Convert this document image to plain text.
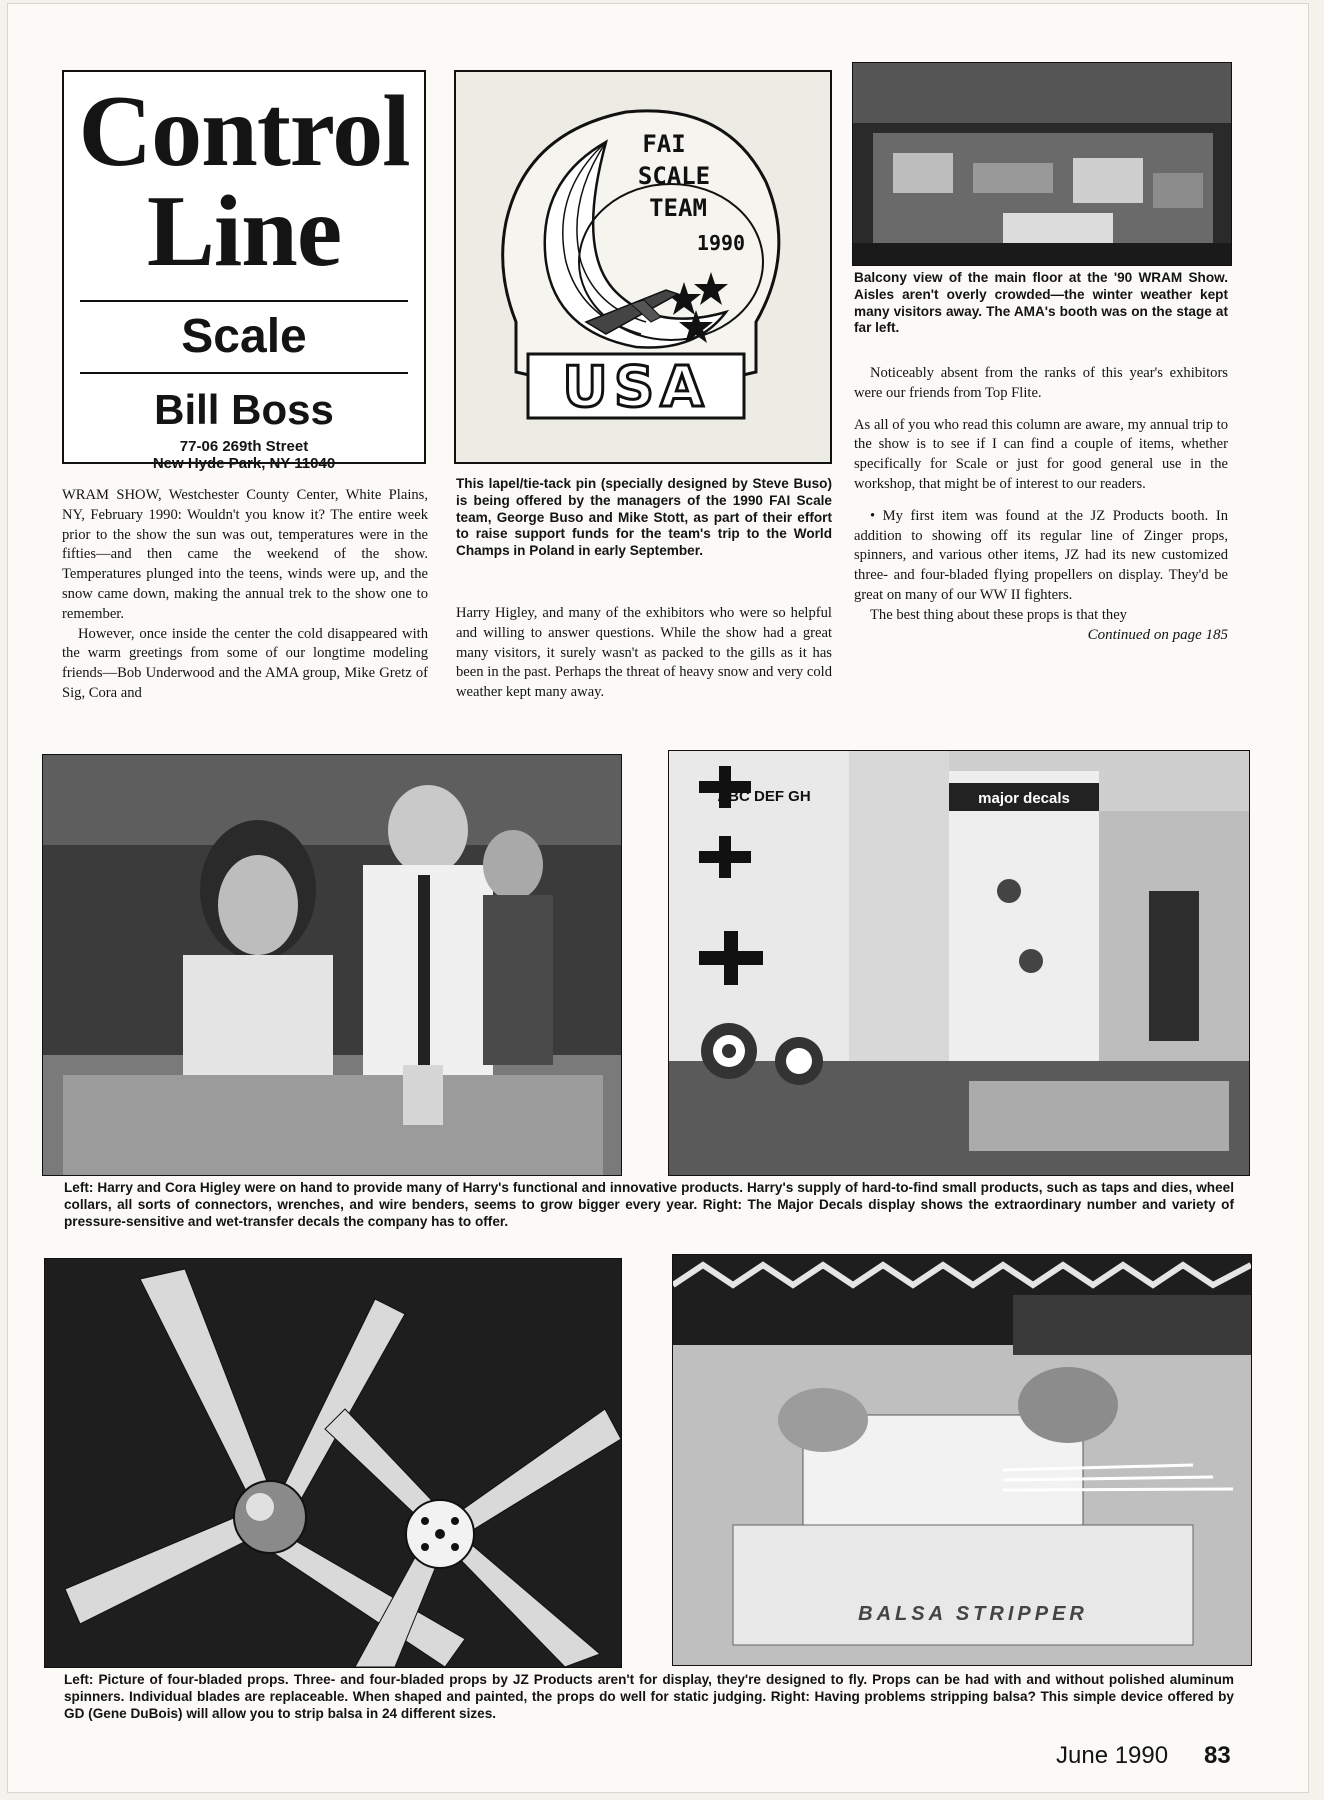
Control
Line
Scale
Bill Boss
77-06 269th Street
New Hyde Park, NY 11040
FAI
SCALE
TEAM
1990
USA
Balcony view of the main floor at the '90 WRAM Show. Aisles aren't overly crowded—the winter weather kept many visitors away. The AMA's booth was on the stage at far left.

WRAM SHOW, Westchester County Center, White Plains, NY, February 1990: Wouldn't you know it? The entire week prior to the show the sun was out, temperatures were in the fifties—and then came the weekend of the show. Temperatures plunged into the teens, winds were up, and the snow came down, making the annual trek to the show one to remember.

However, once inside the center the cold disappeared with the warm greetings from some of our longtime modeling friends—Bob Underwood and the AMA group, Mike Gretz of Sig, Cora and

This lapel/tie-tack pin (specially designed by Steve Buso) is being offered by the managers of the 1990 FAI Scale team, George Buso and Mike Stott, as part of their effort to raise support funds for the team's trip to the World Champs in Poland in early September.

Harry Higley, and many of the exhibitors who were so helpful and willing to answer questions. While the show had a great many visitors, it surely wasn't as packed to the gills as it has been in the past. Perhaps the threat of heavy snow and very cold weather kept many away.

Noticeably absent from the ranks of this year's exhibitors were our friends from Top Flite.

As all of you who read this column are aware, my annual trip to the show is to see if I can find a couple of items, whether specifically for Scale or just for good general use in the workshop, that might be of interest to our readers.

• My first item was found at the JZ Products booth. In addition to showing off its regular line of Zinger props, spinners, and various other items, JZ had its new customized three- and four-bladed flying propellers on display. They'd be great on many of our WW II fighters.

The best thing about these props is that they

Continued on page 185
major decals
ABC DEF GH
Left: Harry and Cora Higley were on hand to provide many of Harry's functional and innovative products. Harry's supply of hard-to-find small products, such as taps and dies, wheel collars, all sorts of connectors, wrenches, and wire benders, seems to grow bigger every year. Right: The Major Decals display shows the extraordinary number and variety of pressure-sensitive and wet-transfer decals the company has to offer.
BALSA STRIPPER
Left: Picture of four-bladed props. Three- and four-bladed props by JZ Products aren't for display, they're designed to fly. Props can be had with and without polished aluminum spinners. Individual blades are replaceable. When shaped and painted, the props do well for static judging. Right: Having problems stripping balsa? This simple device offered by GD (Gene DuBois) will allow you to strip balsa in 24 different sizes.
June 1990 83
